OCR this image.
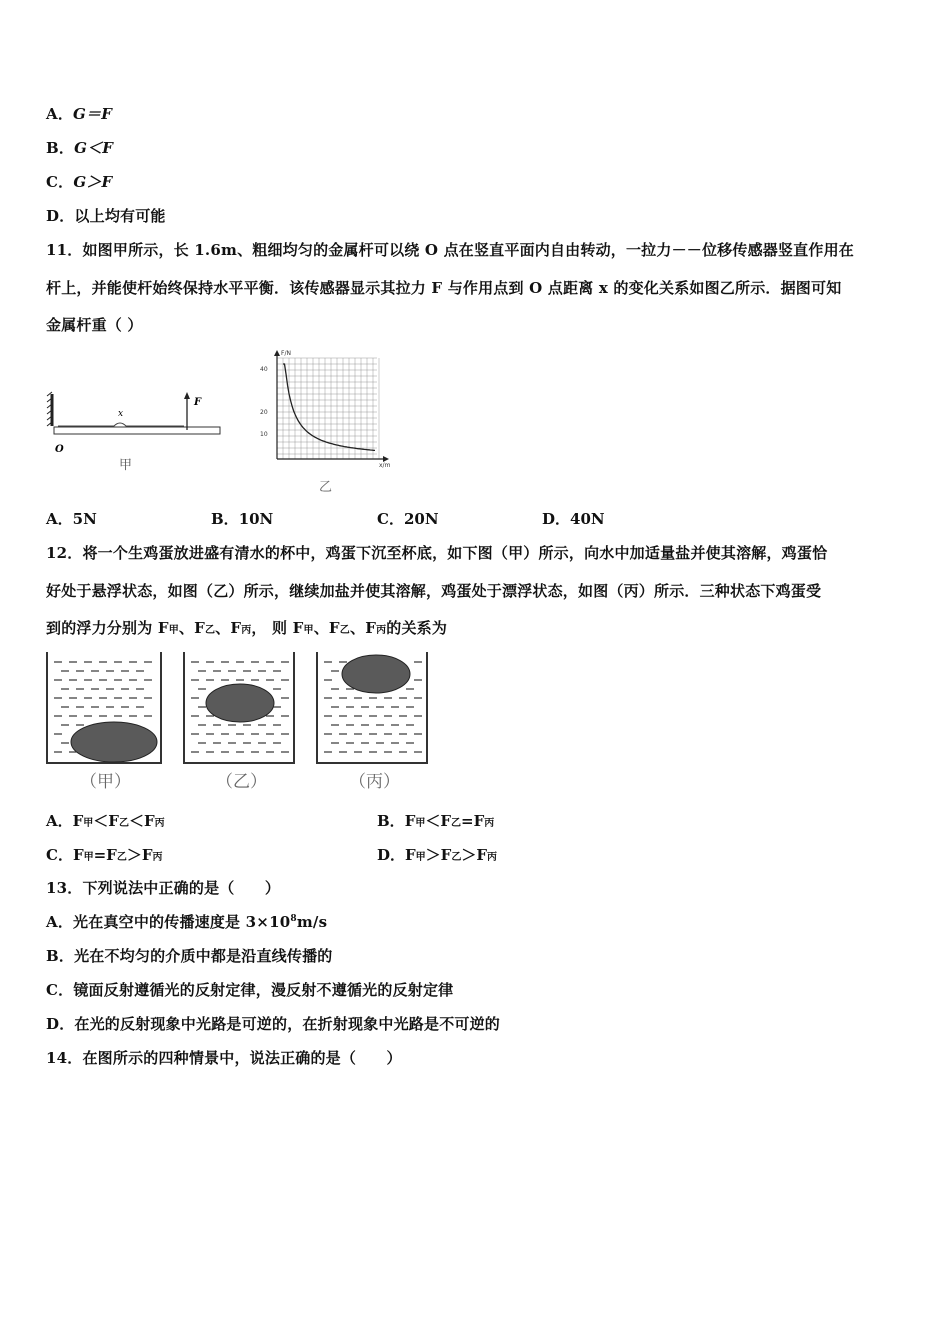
A．G＝F
B．G＜F
C．G＞F
D．以上均有可能
11．如图甲所示，长 1.6m、粗细均匀的金属杆可以绕 O 点在竖直平面内自由转动，一拉力－－位移传感器竖直作用在
杆上，并能使杆始终保持水平平衡．该传感器显示其拉力 F 与作用点到 O 点距离 x 的变化关系如图乙所示．据图可知
金属杆重（ ）
F
x
O
甲
F/N
x/m
40
20
10
乙
A．5N	B．10N	C．20N	D．40N
12．将一个生鸡蛋放进盛有清水的杯中，鸡蛋下沉至杯底，如下图（甲）所示，向水中加适量盐并使其溶解，鸡蛋恰
好处于悬浮状态，如图（乙）所示，继续加盐并使其溶解，鸡蛋处于漂浮状态，如图（丙）所示．三种状态下鸡蛋受
到的浮力分别为 F甲、F乙、F丙， 则 F甲、F乙、F丙的关系为
（甲）	（乙）	（丙）
A．F甲＜F乙＜F丙	B．F甲＜F乙=F丙
C．F甲=F乙＞F丙	D．F甲＞F乙＞F丙
13．下列说法中正确的是（　　）
A．光在真空中的传播速度是 $3\times 10^8m/s$
B．光在不均匀的介质中都是沿直线传播的
C．镜面反射遵循光的反射定律，漫反射不遵循光的反射定律
D．在光的反射现象中光路是可逆的，在折射现象中光路是不可逆的
14．在图所示的四种情景中，说法正确的是（　　）
